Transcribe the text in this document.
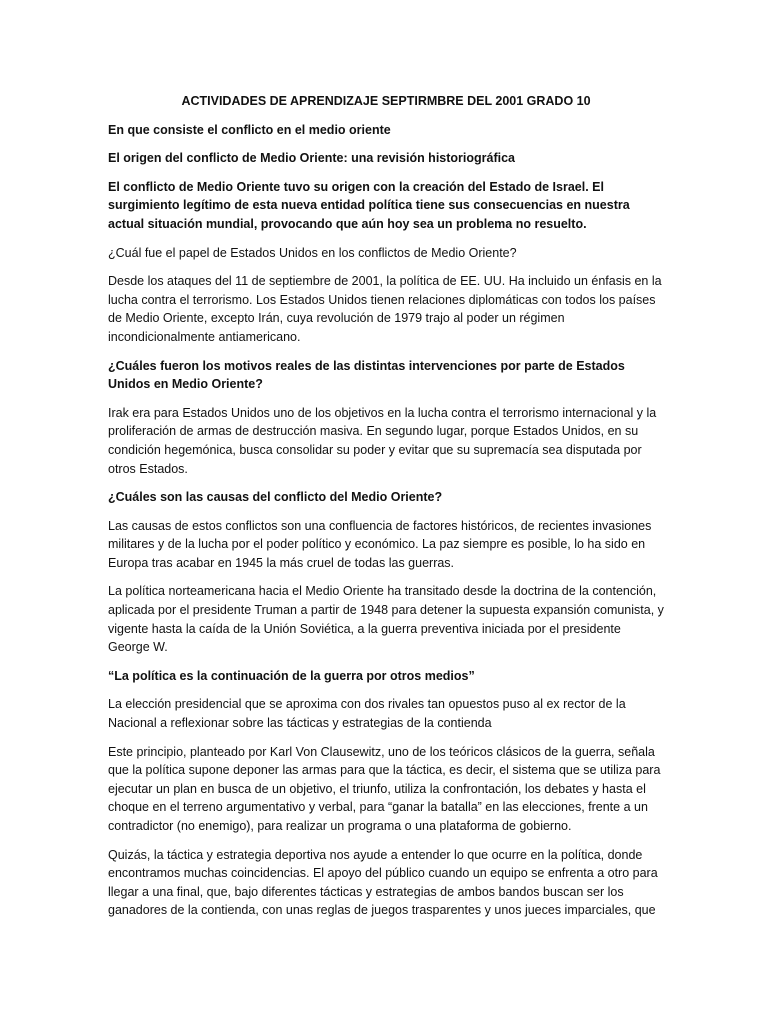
ACTIVIDADES DE APRENDIZAJE SEPTIRMBRE DEL 2001 GRADO 10

En que consiste el conflicto en el medio oriente

El origen del conflicto de Medio Oriente: una revisión historiográfica

El conflicto de Medio Oriente tuvo su origen con la creación del Estado de Israel. El surgimiento legítimo de esta nueva entidad política tiene sus consecuencias en nuestra actual situación mundial, provocando que aún hoy sea un problema no resuelto.

¿Cuál fue el papel de Estados Unidos en los conflictos de Medio Oriente?

Desde los ataques del 11 de septiembre de 2001, la política de EE. UU. Ha incluido un énfasis en la lucha contra el terrorismo. Los Estados Unidos tienen relaciones diplomáticas con todos los países de Medio Oriente, excepto Irán, cuya revolución de 1979 trajo al poder un régimen incondicionalmente antiamericano.

¿Cuáles fueron los motivos reales de las distintas intervenciones por parte de Estados Unidos en Medio Oriente?

Irak era para Estados Unidos uno de los objetivos en la lucha contra el terrorismo internacional y la proliferación de armas de destrucción masiva. En segundo lugar, porque Estados Unidos, en su condición hegemónica, busca consolidar su poder y evitar que su supremacía sea disputada por otros Estados.

¿Cuáles son las causas del conflicto del Medio Oriente?

Las causas de estos conflictos son una confluencia de factores históricos, de recientes invasiones militares y de la lucha por el poder político y económico. La paz siempre es posible, lo ha sido en Europa tras acabar en 1945 la más cruel de todas las guerras.

La política norteamericana hacia el Medio Oriente ha transitado desde la doctrina de la contención, aplicada por el presidente Truman a partir de 1948 para detener la supuesta expansión comunista, y vigente hasta la caída de la Unión Soviética, a la guerra preventiva iniciada por el presidente George W.

“La política es la continuación de la guerra por otros medios”

La elección presidencial que se aproxima con dos rivales tan opuestos puso al ex rector de la Nacional a reflexionar sobre las tácticas y estrategias de la contienda

Este principio, planteado por Karl Von Clausewitz, uno de los teóricos clásicos de la guerra, señala que la política supone deponer las armas para que la táctica, es decir, el sistema que se utiliza para ejecutar un plan en busca de un objetivo, el triunfo, utiliza la confrontación, los debates y hasta el choque en el terreno argumentativo y verbal, para “ganar la batalla” en las elecciones, frente a un contradictor (no enemigo), para realizar un programa o una plataforma de gobierno.

Quizás, la táctica y estrategia deportiva nos ayude a entender lo que ocurre en la política, donde encontramos muchas coincidencias. El apoyo del público cuando un equipo se enfrenta a otro para llegar a una final, que, bajo diferentes tácticas y estrategias de ambos bandos buscan ser los ganadores de la contienda, con unas reglas de juegos trasparentes y unos jueces imparciales, que
